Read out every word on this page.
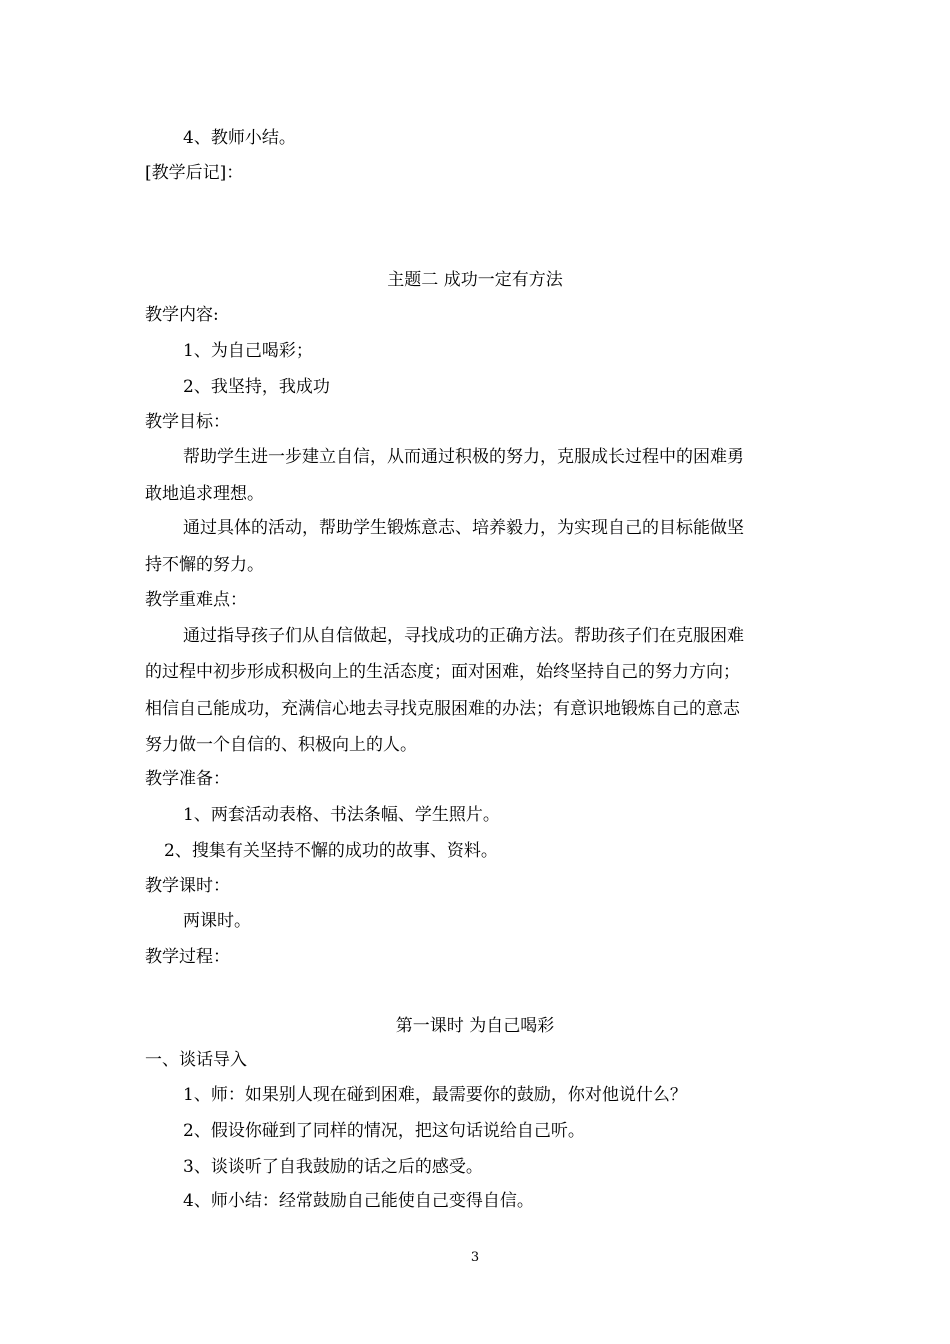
4、教师小结。
[教学后记]：
主题二 成功一定有方法
教学内容:
1、为自己喝彩；
2、我坚持，我成功
教学目标：
帮助学生进一步建立自信，从而通过积极的努力，克服成长过程中的困难勇
敢地追求理想。
通过具体的活动，帮助学生锻炼意志、培养毅力，为实现自己的目标能做坚
持不懈的努力。
教学重难点：
通过指导孩子们从自信做起，寻找成功的正确方法。帮助孩子们在克服困难
的过程中初步形成积极向上的生活态度；面对困难，始终坚持自己的努力方向；
相信自己能成功，充满信心地去寻找克服困难的办法；有意识地锻炼自己的意志
努力做一个自信的、积极向上的人。
教学准备：
1、两套活动表格、书法条幅、学生照片。
2、搜集有关坚持不懈的成功的故事、资料。
教学课时：
两课时。
教学过程：
第一课时 为自己喝彩
一、谈话导入
1、师：如果别人现在碰到困难，最需要你的鼓励，你对他说什么？
2、假设你碰到了同样的情况，把这句话说给自己听。
3、谈谈听了自我鼓励的话之后的感受。
4、师小结：经常鼓励自己能使自己变得自信。
3
